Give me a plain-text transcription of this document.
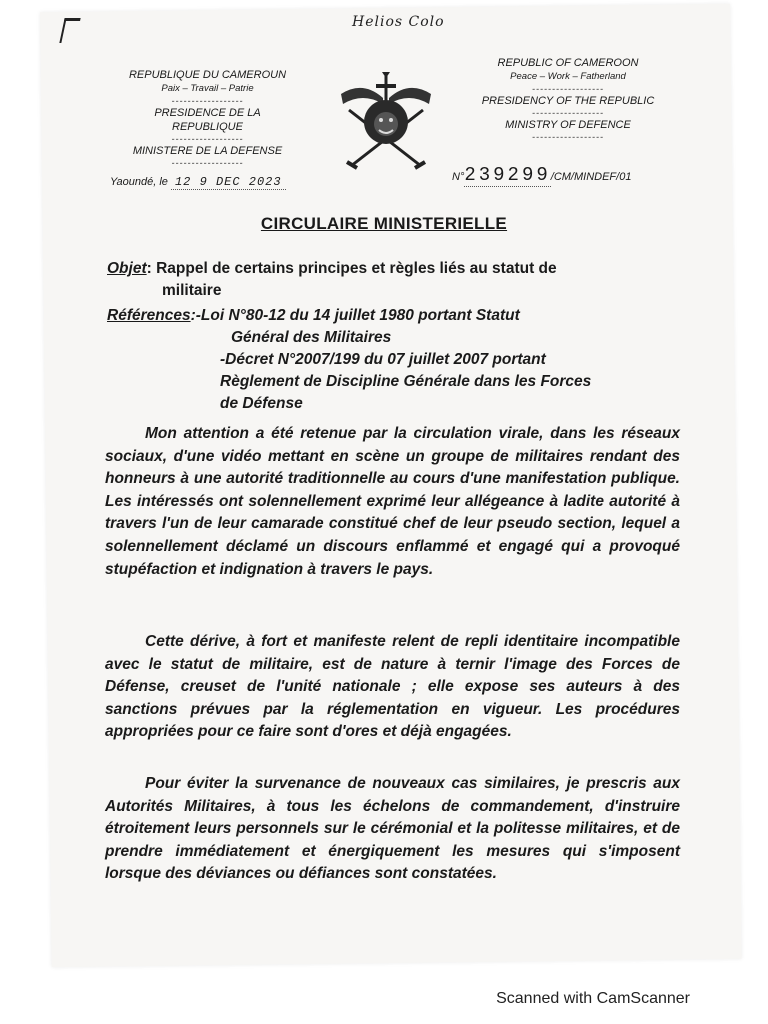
Helios Colo
REPUBLIQUE DU CAMEROUN
Paix – Travail – Patrie
------------------
PRESIDENCE DE LA REPUBLIQUE
------------------
MINISTERE DE LA DEFENSE
------------------
REPUBLIC OF CAMEROON
Peace – Work – Fatherland
------------------
PRESIDENCY OF THE REPUBLIC
------------------
MINISTRY OF DEFENCE
------------------
Yaoundé, le 12 9 DEC 2023	N°239299/CM/MINDEF/01
CIRCULAIRE MINISTERIELLE
Objet: Rappel de certains principes et règles liés au statut de
militaire
Références:-Loi N°80-12 du 14 juillet 1980 portant Statut
Général des Militaires
-Décret N°2007/199 du 07 juillet 2007 portant
Règlement de Discipline Générale dans les Forces
de Défense

Mon attention a été retenue par la circulation virale, dans les réseaux sociaux, d'une vidéo mettant en scène un groupe de militaires rendant des honneurs à une autorité traditionnelle au cours d'une manifestation publique. Les intéressés ont solennellement exprimé leur allégeance à ladite autorité à travers l'un de leur camarade constitué chef de leur pseudo section, lequel a solennellement déclamé un discours enflammé et engagé qui a provoqué stupéfaction et indignation à travers le pays.

Cette dérive, à fort et manifeste relent de repli identitaire incompatible avec le statut de militaire, est de nature à ternir l'image des Forces de Défense, creuset de l'unité nationale ; elle expose ses auteurs à des sanctions prévues par la réglementation en vigueur. Les procédures appropriées pour ce faire sont d'ores et déjà engagées.

Pour éviter la survenance de nouveaux cas similaires, je prescris aux Autorités Militaires, à tous les échelons de commandement, d'instruire étroitement leurs personnels sur le cérémonial et la politesse militaires, et de prendre immédiatement et énergiquement les mesures qui s'imposent lorsque des déviances ou défiances sont constatées.

Scanned with CamScanner
